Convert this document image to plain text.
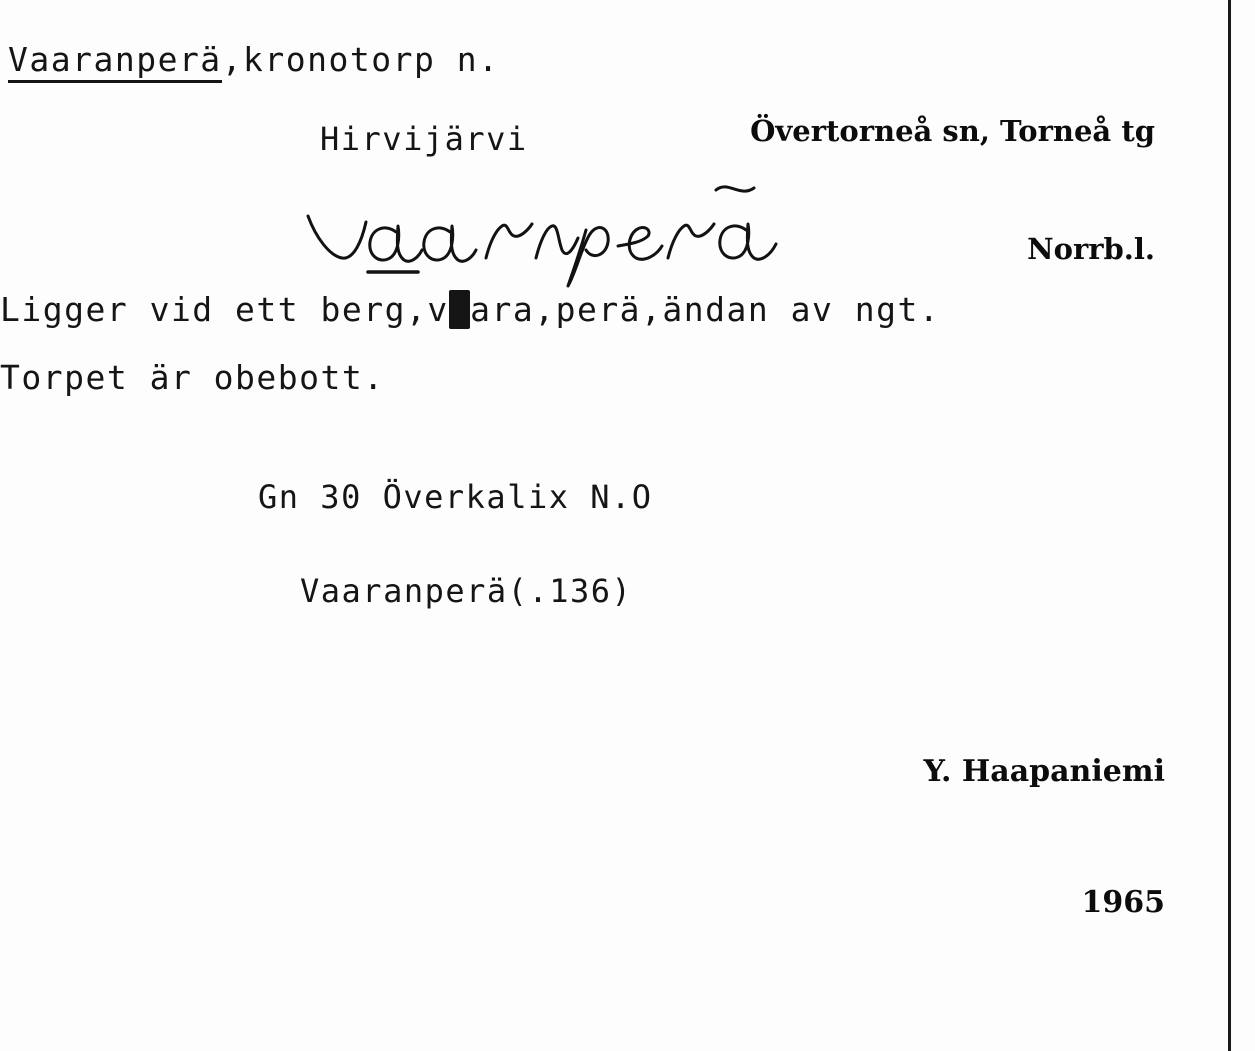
Vaaranperä,kronotorp n.

Övertorneå sn, Torneå tg

Norrb.l.

Hirvijärvi
Ligger vid ett berg,vaara,perä,ändan av ngt.
Torpet är obebott.
Gn 30 Överkalix N.O
Vaaranperä(.136)

Y. Haapaniemi

1965
